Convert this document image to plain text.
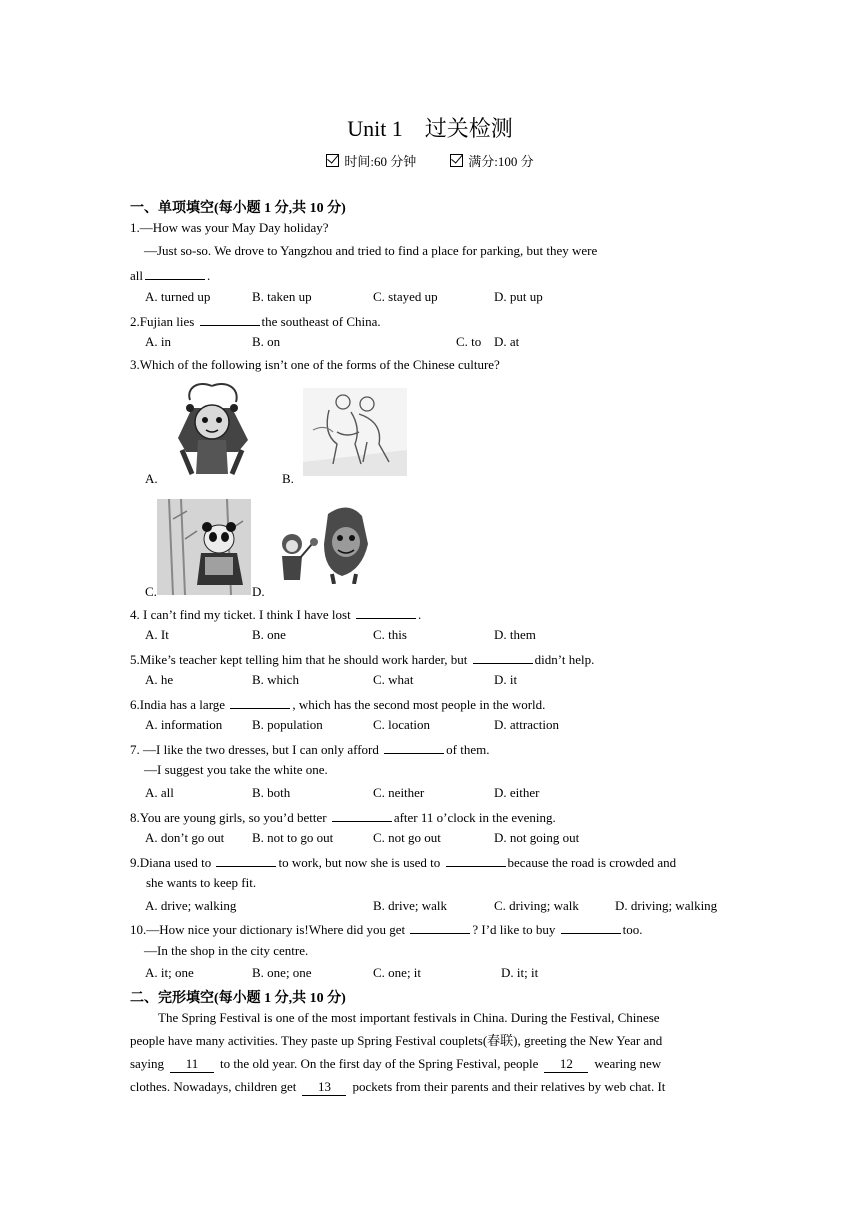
Unit 1　过关检测
时间:60 分钟	满分:100 分
一、单项填空(每小题 1 分,共 10 分)
1.—How was your May Day holiday?
—Just so-so. We drove to Yangzhou and tried to find a place for parking, but they were
all	.
A. turned up	B. taken up	C. stayed up	D. put up
2.Fujian lies	the southeast of China.
A. in	B. on	C. to D. at
3.Which of the following isn’t one of the forms of the Chinese culture?
A.	B.
C.	D.
4. I can’t find my ticket. I think I have lost	.
A. It	B. one	C. this	D. them
5.Mike’s teacher kept telling him that he should work harder, but	didn’t help.
A. he	B. which	C. what	D. it
6.India has a large	, which has the second most people in the world.
A. information B. population	C. location	D. attraction
7. —I like the two dresses, but I can only afford	of them.
—I suggest you take the white one.
A. all	B. both	C. neither	D. either
8.You are young girls, so you’d better	after 11 o’clock in the evening.
A. don’t go out B. not to go out	C. not go out	D. not going out
9.Diana used to	to work, but now she is used to	because the road is crowded and
she wants to keep fit.
A. drive; walking	B. drive; walk	C. driving; walk	D. driving; walking
10.—How nice your dictionary is!Where did you get	? I’d like to buy	too.
—In the shop in the city centre.
A. it; one	B. one; one	C. one; it	D. it; it
二、完形填空(每小题 1 分,共 10 分)
The Spring Festival is one of the most important festivals in China. During the Festival, Chinese
people have many activities. They paste up Spring Festival couplets(春联), greeting the New Year and
saying 11 to the old year. On the first day of the Spring Festival, people 12 wearing new
clothes. Nowadays, children get 13 pockets from their parents and their relatives by web chat. It
